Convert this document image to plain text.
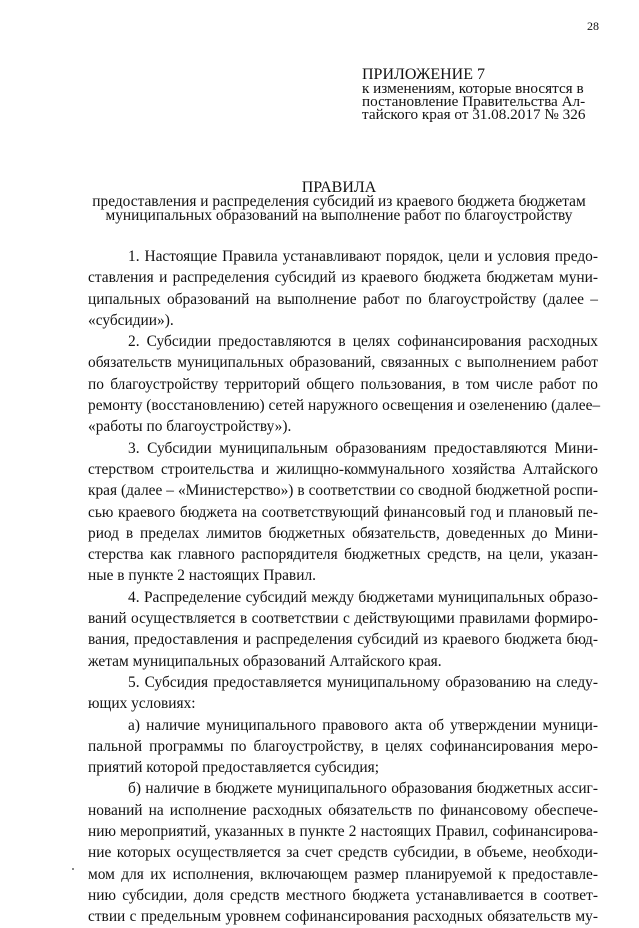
28
ПРИЛОЖЕНИЕ 7
к изменениям, которые вносятся в
постановление Правительства Ал-
тайского края от 31.08.2017 № 326
ПРАВИЛА
предоставления и распределения субсидий из краевого бюджета бюджетам
муниципальных образований на выполнение работ по благоустройству
1. Настоящие Правила устанавливают порядок, цели и условия предо-
ставления и распределения субсидий из краевого бюджета бюджетам муни-
ципальных образований на выполнение работ по благоустройству (далее –
«субсидии»).
2. Субсидии предоставляются в целях софинансирования расходных
обязательств муниципальных образований, связанных с выполнением работ
по благоустройству территорий общего пользования, в том числе работ по
ремонту (восстановлению) сетей наружного освещения и озеленению (далее–
«работы по благоустройству»).
3. Субсидии муниципальным образованиям предоставляются Мини-
стерством строительства и жилищно-коммунального хозяйства Алтайского
края (далее – «Министерство») в соответствии со сводной бюджетной роспи-
сью краевого бюджета на соответствующий финансовый год и плановый пе-
риод в пределах лимитов бюджетных обязательств, доведенных до Мини-
стерства как главного распорядителя бюджетных средств, на цели, указан-
ные в пункте 2 настоящих Правил.
4. Распределение субсидий между бюджетами муниципальных образо-
ваний осуществляется в соответствии с действующими правилами формиро-
вания, предоставления и распределения субсидий из краевого бюджета бюд-
жетам муниципальных образований Алтайского края.
5. Субсидия предоставляется муниципальному образованию на следу-
ющих условиях:
а) наличие муниципального правового акта об утверждении муници-
пальной программы по благоустройству, в целях софинансирования меро-
приятий которой предоставляется субсидия;
б) наличие в бюджете муниципального образования бюджетных ассиг-
нований на исполнение расходных обязательств по финансовому обеспече-
нию мероприятий, указанных в пункте 2 настоящих Правил, софинансирова-
ние которых осуществляется за счет средств субсидии, в объеме, необходи-
мом для их исполнения, включающем размер планируемой к предоставле-
нию субсидии, доля средств местного бюджета устанавливается в соответ-
ствии с предельным уровнем софинансирования расходных обязательств му-
